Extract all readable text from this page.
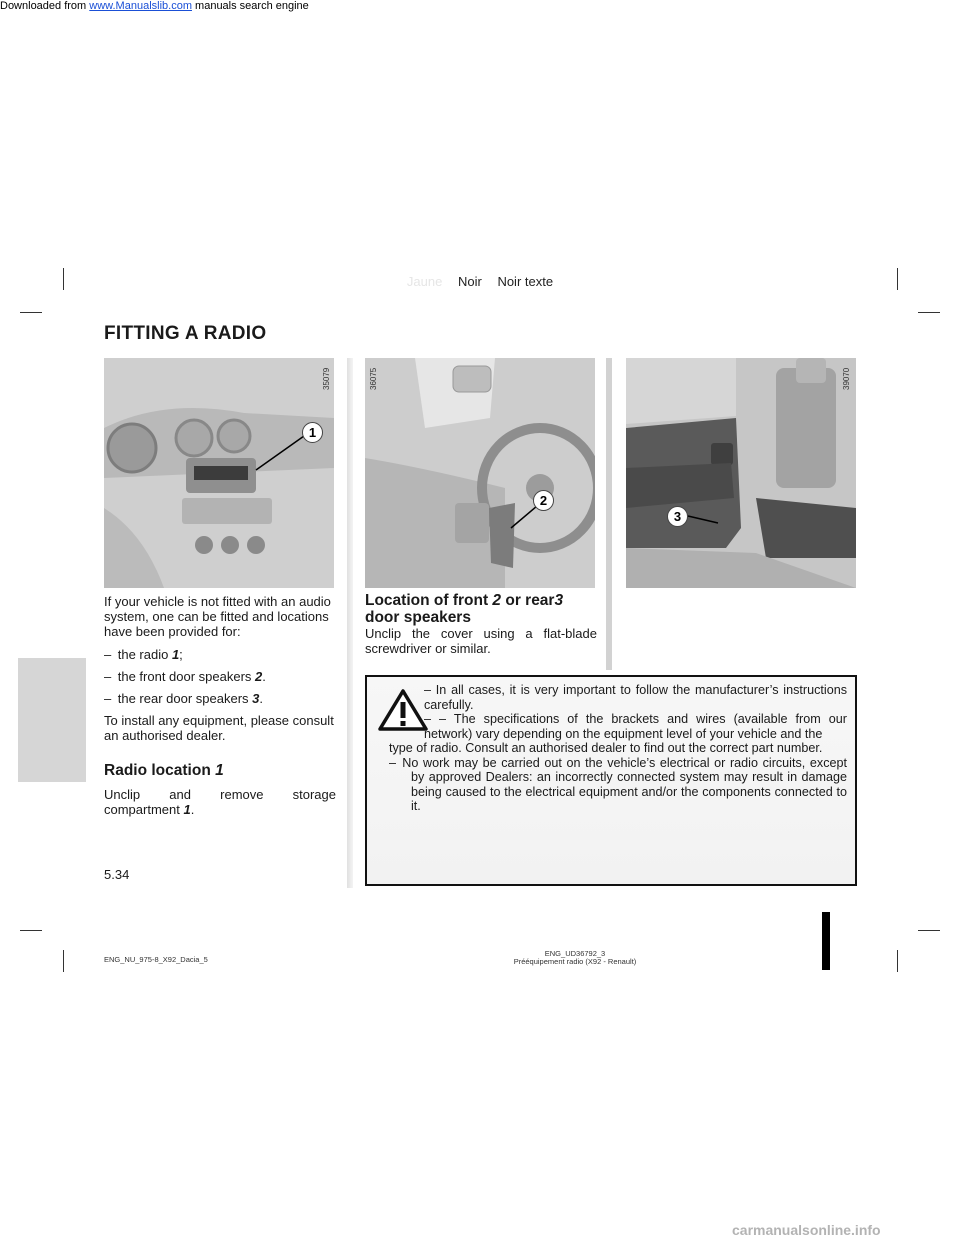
Downloaded from www.Manualslib.com manuals search engine
Jaune Noir Noir texte
FITTING A RADIO
35079
1
36075
2
39070
3

If your vehicle is not fitted with an audio system, one can be fitted and locations have been provided for:

– the radio 1;
– the front door speakers 2.
– the rear door speakers 3.

To install any equipment, please consult an authorised dealer.

Radio location 1

Unclip and remove storage compartment 1.

Location of front 2 or rear3
door speakers

Unclip the cover using a flat-blade screwdriver or similar.

– In all cases, it is very important to follow the manufacturer’s instructions carefully.
– – The specifications of the brackets and wires (available from our network) vary depending on the equipment level of your vehicle and the
type of radio. Consult an authorised dealer to find out the correct part number.
– No work may be carried out on the vehicle’s electrical or radio circuits, except by approved Dealers: an incorrectly connected system may result in damage being caused to the electrical equipment and/or the components connected to it.
5.34
ENG_NU_975-8_X92_Dacia_5
ENG_UD36792_3
Prééquipement radio (X92 - Renault)
carmanualsonline.info
